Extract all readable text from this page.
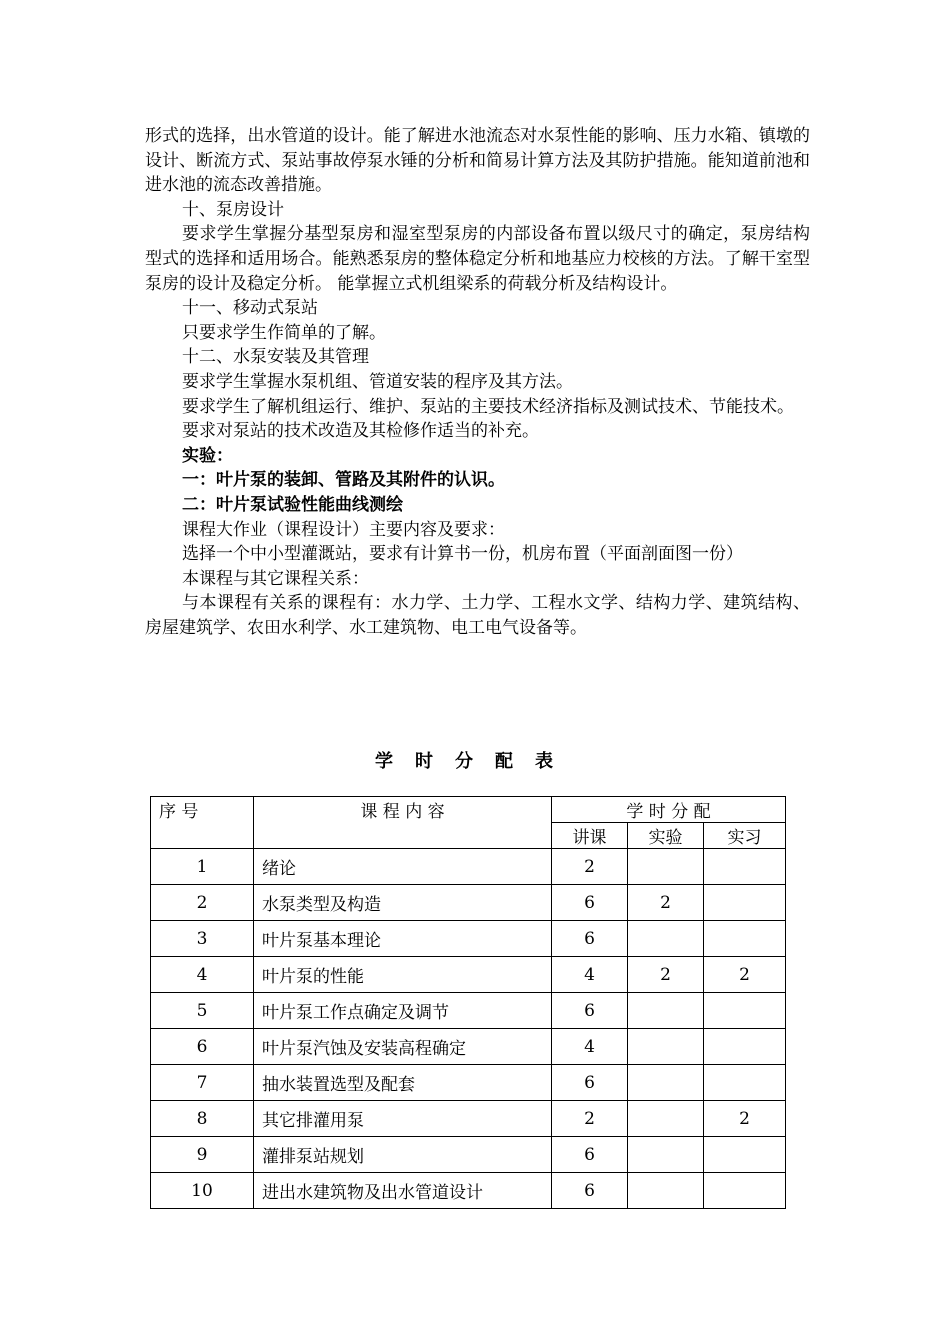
形式的选择，出水管道的设计。能了解进水池流态对水泵性能的影响、压力水箱、镇墩的设计、断流方式、泵站事故停泵水锤的分析和简易计算方法及其防护措施。能知道前池和进水池的流态改善措施。

十、泵房设计

要求学生掌握分基型泵房和湿室型泵房的内部设备布置以级尺寸的确定，泵房结构型式的选择和适用场合。能熟悉泵房的整体稳定分析和地基应力校核的方法。了解干室型泵房的设计及稳定分析。 能掌握立式机组梁系的荷载分析及结构设计。

十一、移动式泵站

只要求学生作简单的了解。

十二、水泵安装及其管理

要求学生掌握水泵机组、管道安装的程序及其方法。

要求学生了解机组运行、维护、泵站的主要技术经济指标及测试技术、节能技术。

要求对泵站的技术改造及其检修作适当的补充。

实验：

一：叶片泵的装卸、管路及其附件的认识。

二：叶片泵试验性能曲线测绘

课程大作业（课程设计）主要内容及要求：

选择一个中小型灌溉站，要求有计算书一份，机房布置（平面剖面图一份）

本课程与其它课程关系：

与本课程有关系的课程有：水力学、土力学、工程水文学、结构力学、建筑结构、房屋建筑学、农田水利学、水工建筑物、电工电气设备等。

学时分配表
序 号	课 程 内 容	学 时 分 配		
		讲课	实验	实习
1	绪论	2		
2	水泵类型及构造	6	2	
3	叶片泵基本理论	6		
4	叶片泵的性能	4	2	2
5	叶片泵工作点确定及调节	6		
6	叶片泵汽蚀及安装高程确定	4		
7	抽水装置选型及配套	6		
8	其它排灌用泵	2		2
9	灌排泵站规划	6		
10	进出水建筑物及出水管道设计	6		
